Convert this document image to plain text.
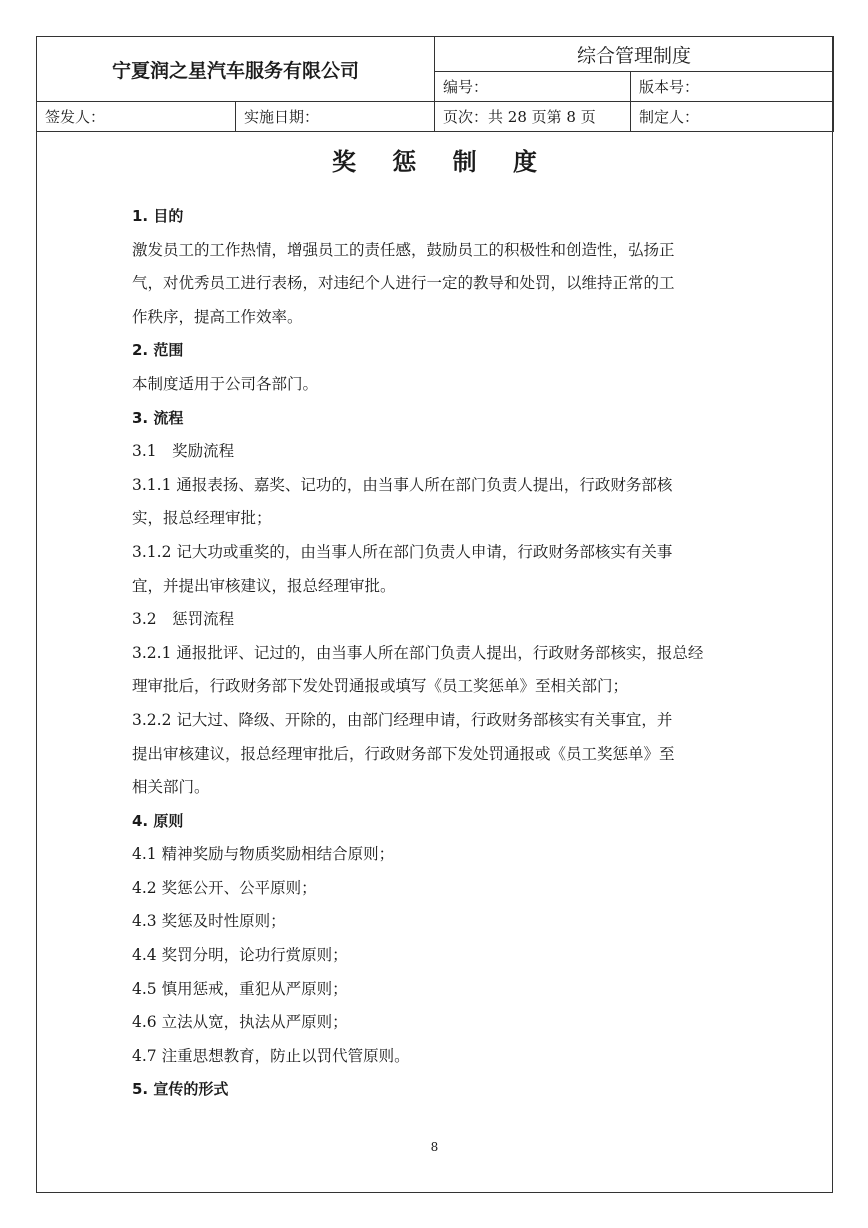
宁夏润之星汽车服务有限公司		综合管理制度	
		编号：	版本号：
签发人：	实施日期：	页次：共 28 页第 8 页	制定人：
奖 惩 制 度
1. 目的
激发员工的工作热情，增强员工的责任感，鼓励员工的积极性和创造性，弘扬正
气，对优秀员工进行表杨，对违纪个人进行一定的教导和处罚，以维持正常的工
作秩序，提高工作效率。
2. 范围
本制度适用于公司各部门。
3. 流程
3.1　奖励流程
3.1.1 通报表扬、嘉奖、记功的，由当事人所在部门负责人提出，行政财务部核
实，报总经理审批；
3.1.2 记大功或重奖的，由当事人所在部门负责人申请，行政财务部核实有关事
宜，并提出审核建议，报总经理审批。
3.2　惩罚流程
3.2.1 通报批评、记过的，由当事人所在部门负责人提出，行政财务部核实，报总经
理审批后，行政财务部下发处罚通报或填写《员工奖惩单》至相关部门；
3.2.2 记大过、降级、开除的，由部门经理申请，行政财务部核实有关事宜，并
提出审核建议，报总经理审批后，行政财务部下发处罚通报或《员工奖惩单》至
相关部门。
4. 原则
4.1 精神奖励与物质奖励相结合原则；
4.2 奖惩公开、公平原则；
4.3 奖惩及时性原则；
4.4 奖罚分明，论功行赏原则；
4.5 慎用惩戒，重犯从严原则；
4.6 立法从宽，执法从严原则；
4.7 注重思想教育，防止以罚代管原则。
5. 宣传的形式
8
